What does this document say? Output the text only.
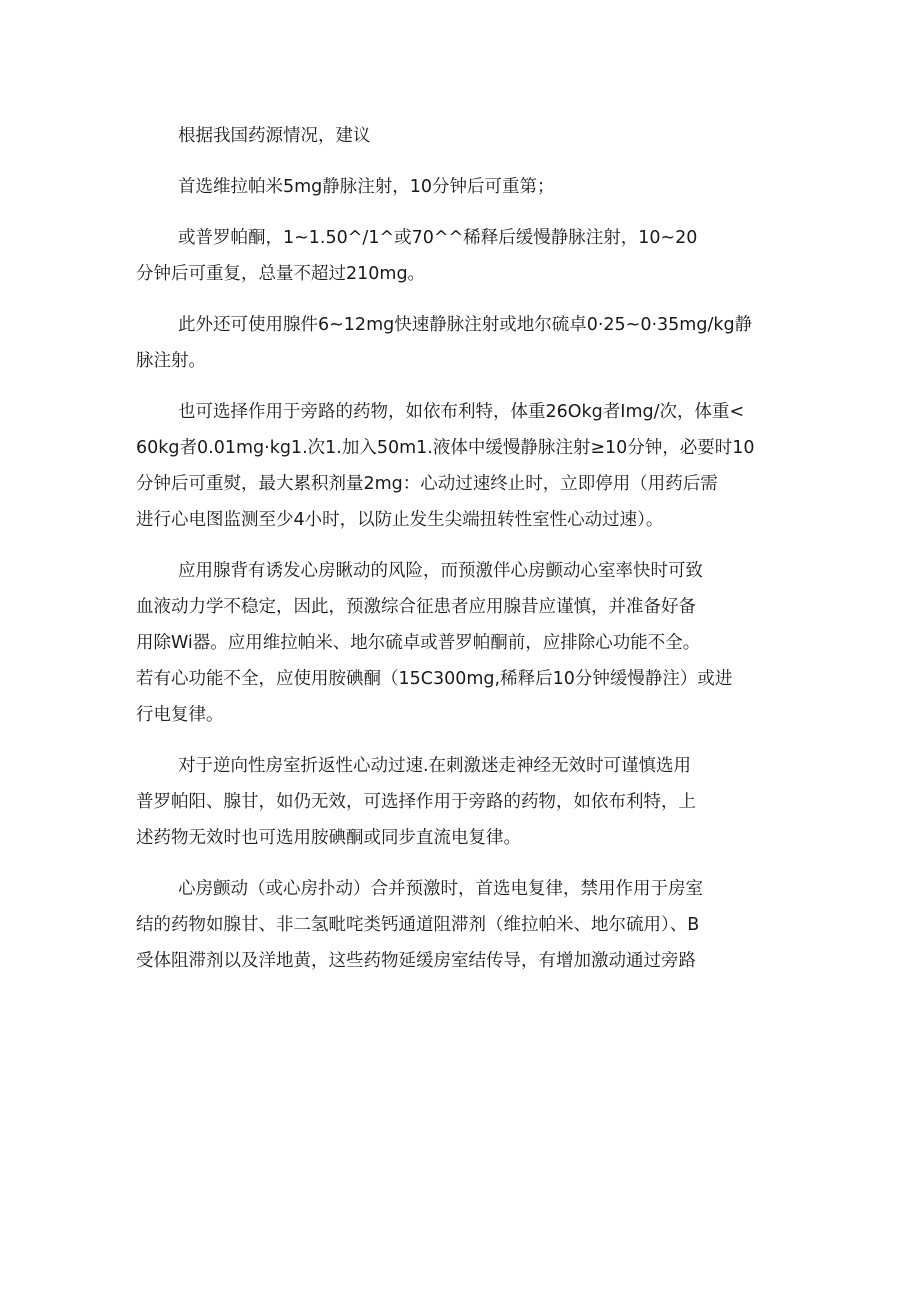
根据我国药源情况，建议

首选维拉帕米5mg静脉注射，10分钟后可重第；

或普罗帕酮，1~1.50^/1^或70^^稀释后缓慢静脉注射，10~20
分钟后可重复，总量不超过210mg。

此外还可使用腺件6~12mg快速静脉注射或地尔硫卓0·25~0·35mg/kg静
脉注射。

也可选择作用于旁路的药物，如依布利特，体重26Okg者Img/次，体重<
60kg者0.01mg·kg1.次1.加入50m1.液体中缓慢静脉注射≥10分钟，必要时10
分钟后可重熨，最大累积剂量2mg：心动过速终止时，立即停用（用药后需
进行心电图监测至少4小时，以防止发生尖端扭转性室性心动过速）。

应用腺背有诱发心房瞅动的风险，而预激伴心房颤动心室率快时可致
血液动力学不稳定，因此，预激综合征患者应用腺昔应谨慎，并准备好备
用除Wi器。应用维拉帕米、地尔硫卓或普罗帕酮前，应排除心功能不全。
若有心功能不全，应使用胺碘酮（15C300mg,稀释后10分钟缓慢静注）或进
行电复律。

对于逆向性房室折返性心动过速.在刺激迷走神经无效时可谨慎选用
普罗帕阳、腺甘，如仍无效，可选择作用于旁路的药物，如依布利特，上
述药物无效时也可选用胺碘酮或同步直流电复律。

心房颤动（或心房扑动）合并预激时，首选电复律，禁用作用于房室
结的药物如腺甘、非二氢毗咤类钙通道阻滞剂（维拉帕米、地尔硫用）、B
受体阻滞剂以及洋地黄，这些药物延缓房室结传导，有增加激动通过旁路
